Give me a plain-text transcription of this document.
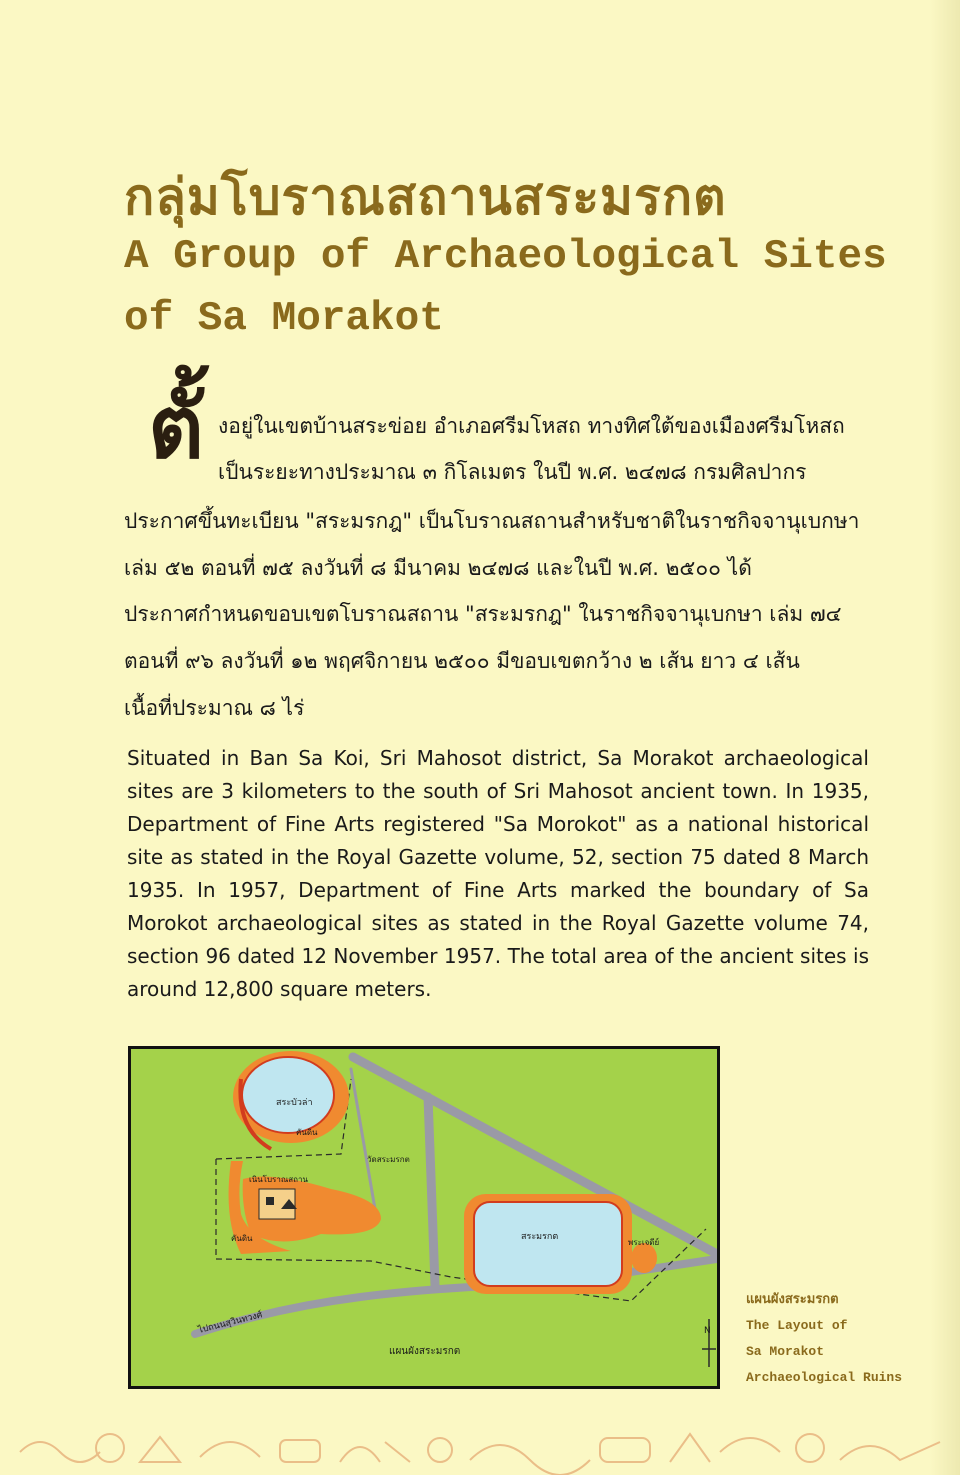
กลุ่มโบราณสถานสระมรกต
A Group of Archaeological Sites
of Sa Morakot
ตั้ งอยู่ในเขตบ้านสระข่อย อำเภอศรีมโหสถ ทางทิศใต้ของเมืองศรีมโหสถ
เป็นระยะทางประมาณ ๓ กิโลเมตร ในปี พ.ศ. ๒๔๗๘ กรมศิลปากร
ประกาศขึ้นทะเบียน "สระมรกฎ" เป็นโบราณสถานสำหรับชาติในราชกิจจานุเบกษา
เล่ม ๕๒ ตอนที่ ๗๕ ลงวันที่ ๘ มีนาคม ๒๔๗๘ และในปี พ.ศ. ๒๕๐๐ ได้
ประกาศกำหนดขอบเขตโบราณสถาน "สระมรกฎ" ในราชกิจจานุเบกษา เล่ม ๗๔
ตอนที่ ๙๖ ลงวันที่ ๑๒ พฤศจิกายน ๒๕๐๐ มีขอบเขตกว้าง ๒ เส้น ยาว ๔ เส้น
เนื้อที่ประมาณ ๘ ไร่
Situated in Ban Sa Koi, Sri Mahosot district, Sa Morakot archaeological sites are 3 kilometers to the south of Sri Mahosot ancient town. In 1935, Department of Fine Arts registered "Sa Morokot" as a national historical site as stated in the Royal Gazette volume, 52, section 75 dated 8 March 1935. In 1957, Department of Fine Arts marked the boundary of Sa Morokot archaeological sites as stated in the Royal Gazette volume 74, section 96 dated 12 November 1957. The total area of the ancient sites is around 12,800 square meters.
สระบัวล่า
คันดิน
วัดสระมรกต
เนินโบราณสถาน
คันดิน	สระมรกต
พระเจดีย์
ไปถนนสุวินทวงศ์
แผนผังสระมรกต
N
แผนผังสระมรกต
The Layout of
Sa Morakot
Archaeological Ruins
